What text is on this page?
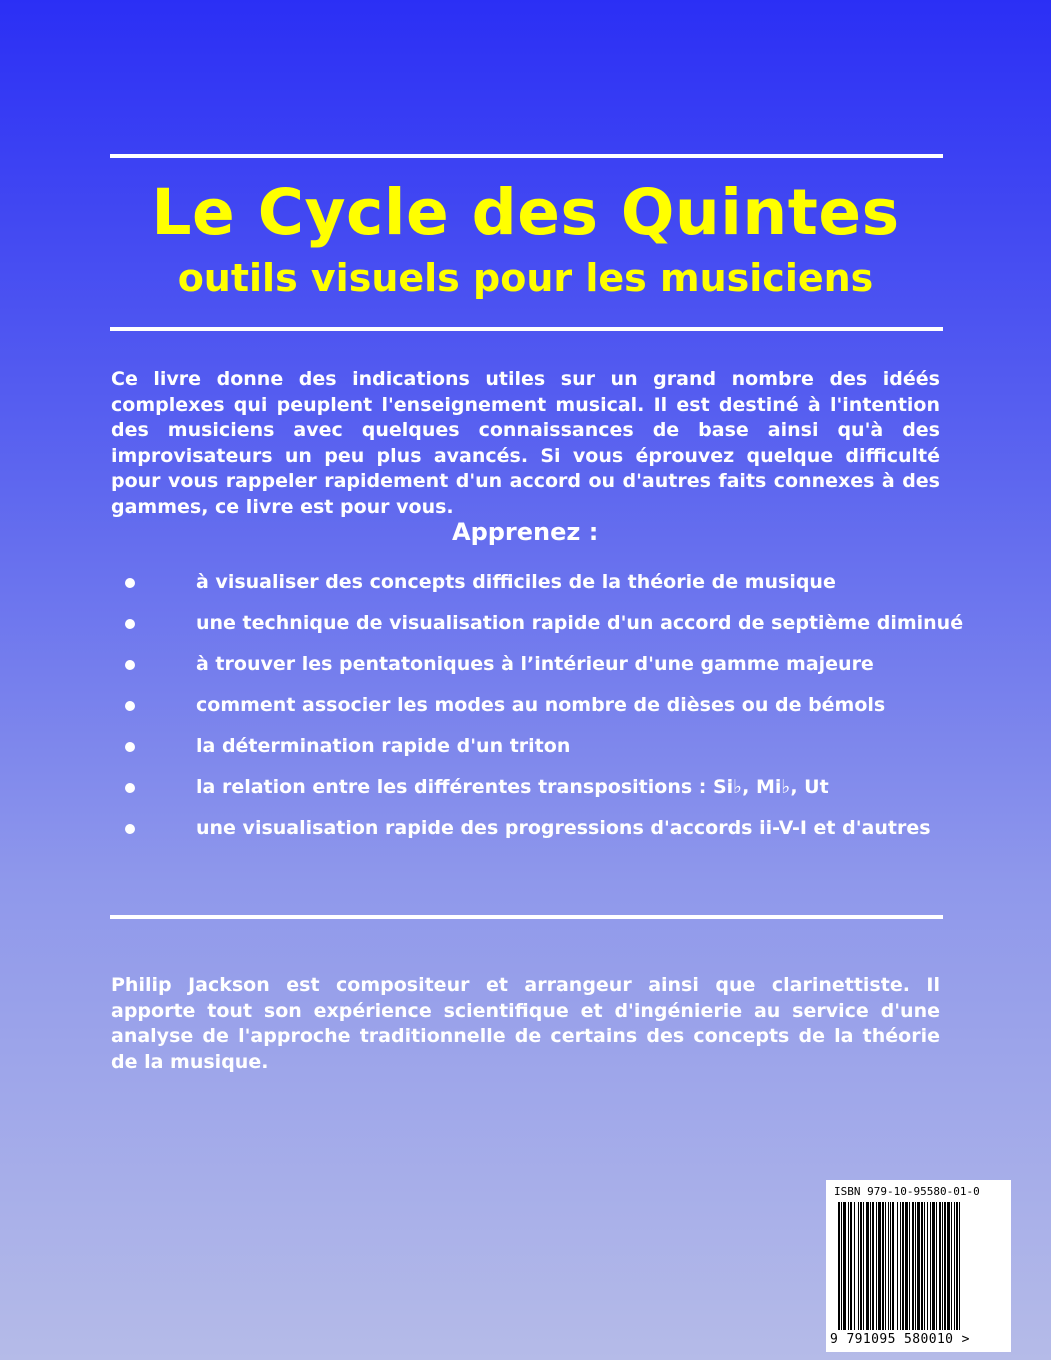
Le Cycle des Quintes
outils visuels pour les musiciens

Ce livre donne des indications utiles sur un grand nombre des idéés complexes qui peuplent l'enseignement musical. Il est destiné à l'intention des musiciens avec quelques connaissances de base ainsi qu'à des improvisateurs un peu plus avancés. Si vous éprouvez quelque difficulté pour vous rappeler rapidement d'un accord ou d'autres faits connexes à des gammes, ce livre est pour vous.

Apprenez :
à visualiser des concepts difficiles de la théorie de musique
une technique de visualisation rapide d'un accord de septième diminué
à trouver les pentatoniques à l’intérieur d'une gamme majeure
comment associer les modes au nombre de dièses ou de bémols
la détermination rapide d'un triton
la relation entre les différentes transpositions : Si♭, Mi♭, Ut
une visualisation rapide des progressions d'accords ii-V-I et d'autres

Philip Jackson est compositeur et arrangeur ainsi que clarinettiste. Il apporte tout son expérience scientifique et d'ingénierie au service d'une analyse de l'approche traditionnelle de certains des concepts de la théorie de la musique.

ISBN 979-10-95580-01-0
9 791095 580010 >
